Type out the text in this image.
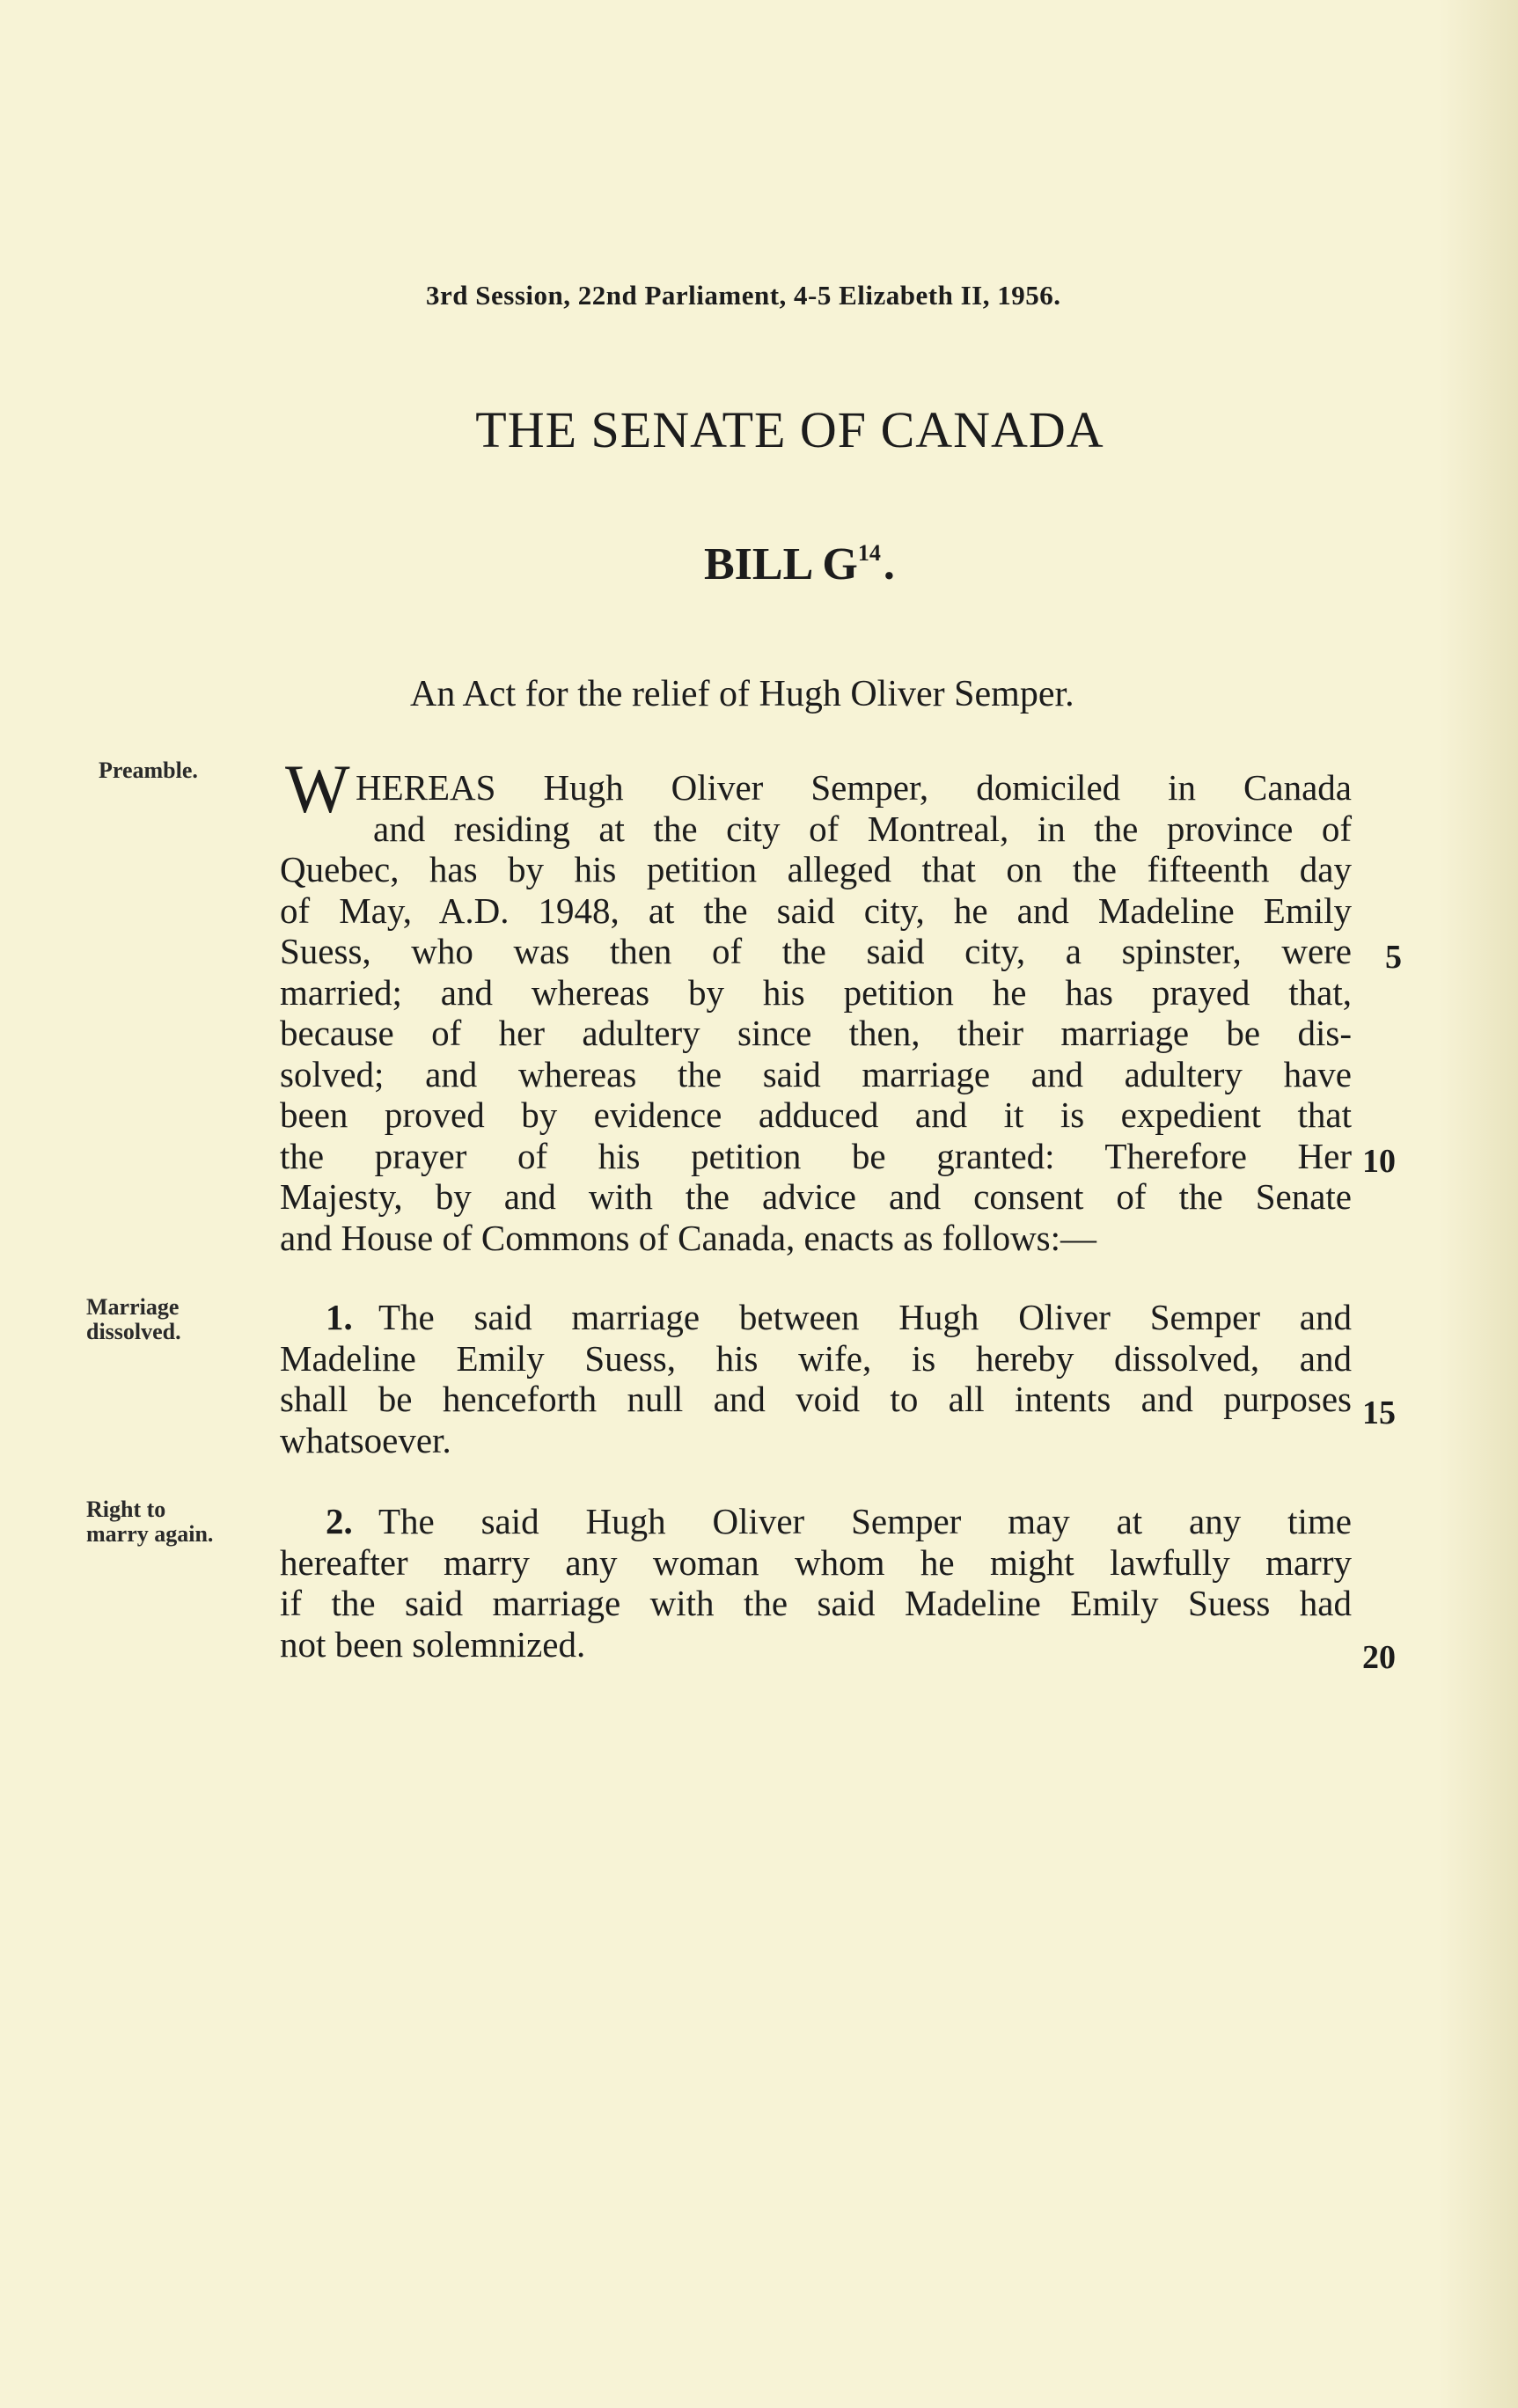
3rd Session, 22nd Parliament, 4-5 Elizabeth II, 1956.
THE SENATE OF CANADA
BILL $G^{14}$.
An Act for the relief of Hugh Oliver Semper.
Preamble.
Marriage
dissolved.
Right to
marry again.
W HEREAS Hugh Oliver Semper, domiciled in Canada
and residing at the city of Montreal, in the province of
Quebec, has by his petition alleged that on the fifteenth day
of May, A.D. 1948, at the said city, he and Madeline Emily
Suess, who was then of the said city, a spinster, were
married; and whereas by his petition he has prayed that,
because of her adultery since then, their marriage be dis-
solved; and whereas the said marriage and adultery have
been proved by evidence adduced and it is expedient that
the prayer of his petition be granted: Therefore Her
Majesty, by and with the advice and consent of the Senate
and House of Commons of Canada, enacts as follows:—
1. The said marriage between Hugh Oliver Semper and
Madeline Emily Suess, his wife, is hereby dissolved, and
shall be henceforth null and void to all intents and purposes
whatsoever.
2. The said Hugh Oliver Semper may at any time
hereafter marry any woman whom he might lawfully marry
if the said marriage with the said Madeline Emily Suess had
not been solemnized.
5
10
15
20
